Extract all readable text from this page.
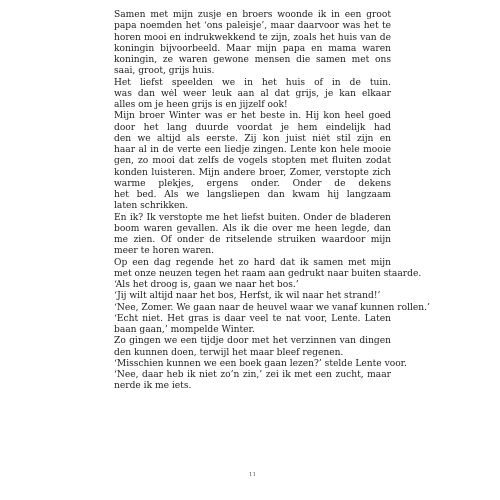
Samen met mijn zusje en broers woonde ik in een groot
papa noemden het ‘ons paleisje’, maar daarvoor was het te
horen mooi en indrukwekkend te zijn, zoals het huis van de
koningin bijvoorbeeld. Maar mijn papa en mama waren
koningin, ze waren gewone mensen die samen met ons
saai, groot, grijs huis.
Het liefst speelden we in het huis of in de tuin.
was dan wél weer leuk aan al dat grijs, je kan elkaar
alles om je heen grijs is en jijzelf ook!
Mijn broer Winter was er het beste in. Hij kon heel goed
door het lang duurde voordat je hem eindelijk had
den we altijd als eerste. Zij kon juist niét stil zijn en
haar al in de verte een liedje zingen. Lente kon hele mooie
gen, zo mooi dat zelfs de vogels stopten met fluiten zodat
konden luisteren. Mijn andere broer, Zomer, verstopte zich
warme plekjes, ergens onder. Onder de dekens
het bed. Als we langsliepen dan kwam hij langzaam
laten schrikken.
En ik? Ik verstopte me het liefst buiten. Onder de bladeren
boom waren gevallen. Als ik die over me heen legde, dan
me zien. Of onder de ritselende struiken waardoor mijn
meer te horen waren.
Op een dag regende het zo hard dat ik samen met mijn
met onze neuzen tegen het raam aan gedrukt naar buiten staarde.
‘Als het droog is, gaan we naar het bos.’
‘Jij wilt altijd naar het bos, Herfst, ik wil naar het strand!’
‘Nee, Zomer. We gaan naar de heuvel waar we vanaf kunnen rollen.’
‘Echt niet. Het gras is daar veel te nat voor, Lente. Laten
baan gaan,’ mompelde Winter.
Zo gingen we een tijdje door met het verzinnen van dingen
den kunnen doen, terwijl het maar bleef regenen.
‘Misschien kunnen we een boek gaan lezen?’ stelde Lente voor.
‘Nee, daar heb ik niet zo’n zin,’ zei ik met een zucht, maar
nerde ik me iets.
11
